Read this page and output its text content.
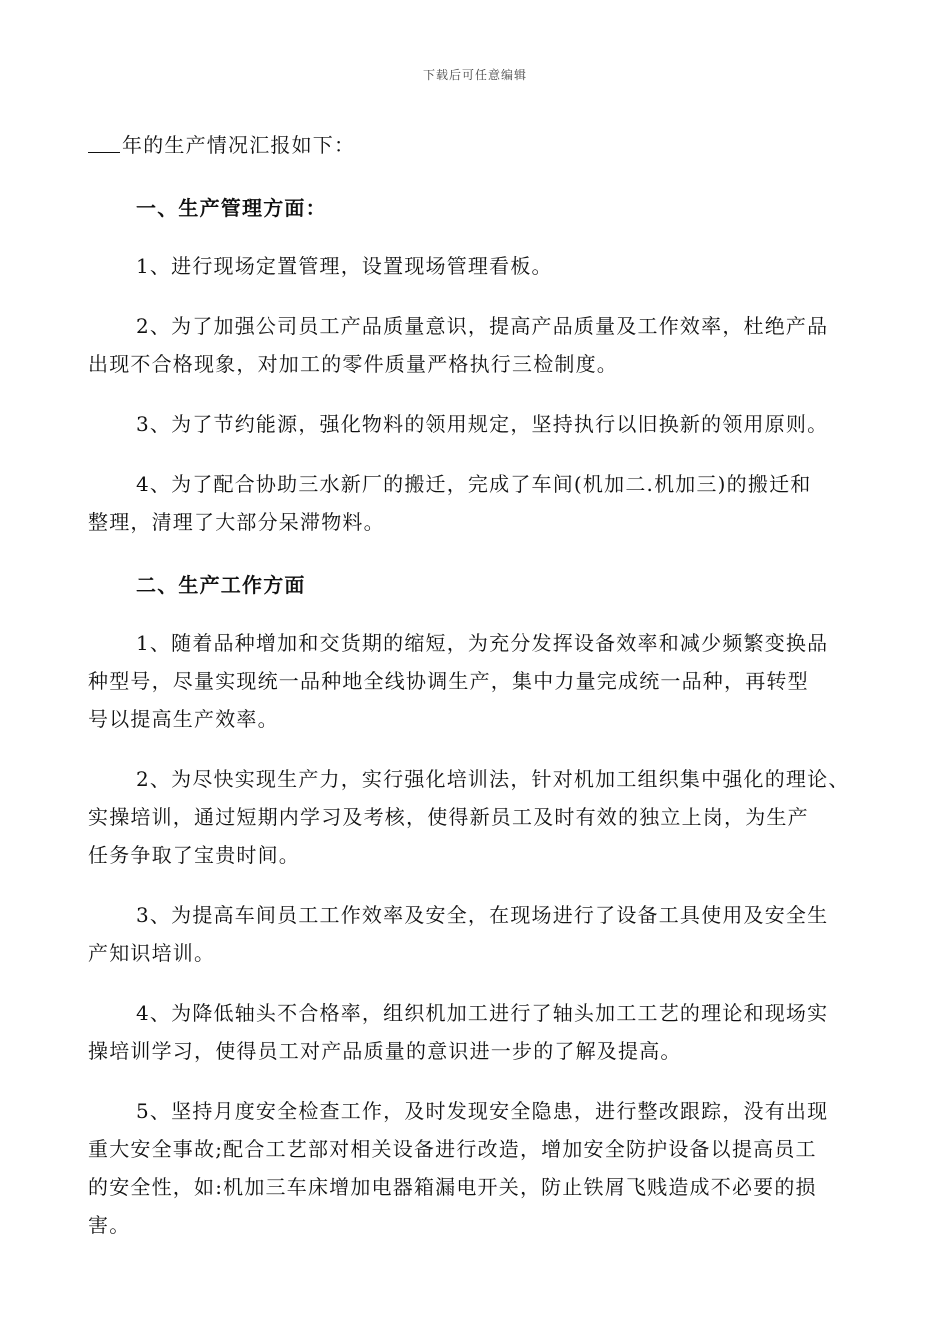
下载后可任意编辑
年的生产情况汇报如下：
一、生产管理方面：
1、进行现场定置管理，设置现场管理看板。
2、为了加强公司员工产品质量意识，提高产品质量及工作效率，杜绝产品
出现不合格现象，对加工的零件质量严格执行三检制度。
3、为了节约能源，强化物料的领用规定，坚持执行以旧换新的领用原则。
4、为了配合协助三水新厂的搬迁，完成了车间(机加二.机加三)的搬迁和
整理，清理了大部分呆滞物料。
二、生产工作方面
1、随着品种增加和交货期的缩短，为充分发挥设备效率和减少频繁变换品
种型号，尽量实现统一品种地全线协调生产，集中力量完成统一品种，再转型
号以提高生产效率。
2、为尽快实现生产力，实行强化培训法，针对机加工组织集中强化的理论、
实操培训，通过短期内学习及考核，使得新员工及时有效的独立上岗，为生产
任务争取了宝贵时间。
3、为提高车间员工工作效率及安全，在现场进行了设备工具使用及安全生
产知识培训。
4、为降低轴头不合格率，组织机加工进行了轴头加工工艺的理论和现场实
操培训学习，使得员工对产品质量的意识进一步的了解及提高。
5、坚持月度安全检查工作，及时发现安全隐患，进行整改跟踪，没有出现
重大安全事故;配合工艺部对相关设备进行改造，增加安全防护设备以提高员工
的安全性，如:机加三车床增加电器箱漏电开关，防止铁屑飞贱造成不必要的损
害。
